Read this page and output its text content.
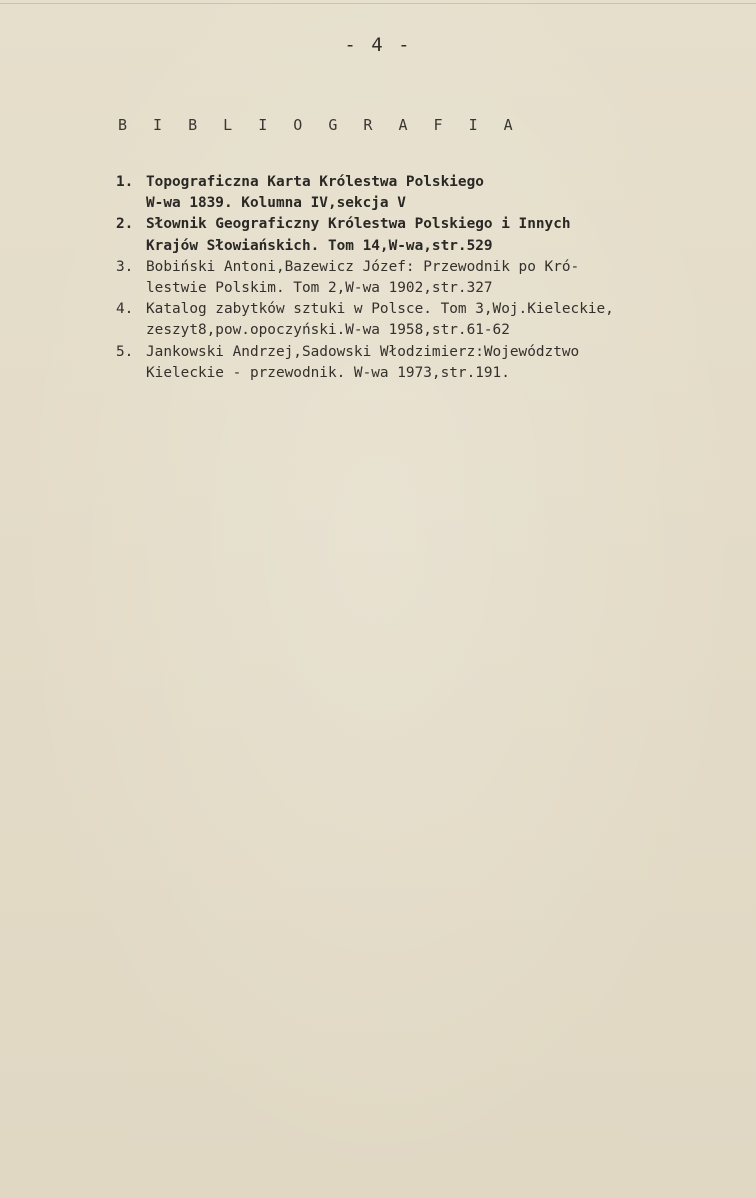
- 4 -
B I B L I O G R A F I A
1. Topograficzna Karta Królestwa Polskiego
W-wa 1839. Kolumna IV,sekcja V
2. Słownik Geograficzny Królestwa Polskiego i Innych
Krajów Słowiańskich. Tom 14,W-wa,str.529
3. Bobiński Antoni,Bazewicz Józef: Przewodnik po Kró-
lestwie Polskim. Tom 2,W-wa 1902,str.327
4. Katalog zabytków sztuki w Polsce. Tom 3,Woj.Kieleckie,
zeszyt8,pow.opoczyński.W-wa 1958,str.61-62
5. Jankowski Andrzej,Sadowski Włodzimierz:Województwo
Kieleckie - przewodnik. W-wa 1973,str.191.
